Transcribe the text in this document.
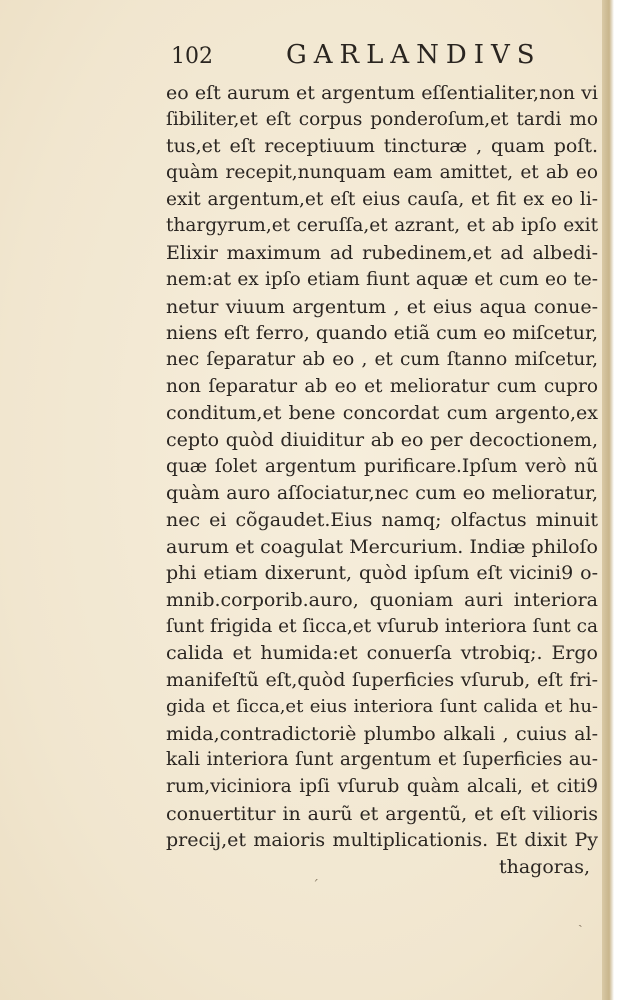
102	GARLANDIVS
eo eſt aurum et argentum eſſentialiter,non vi
ſibiliter,et eſt corpus ponderoſum,et tardi mo
tus,et eſt receptiuum tincturæ , quam poſt.
quàm recepit,nunquam eam amittet, et ab eo
exit argentum,et eſt eius cauſa, et fit ex eo li-
thargyrum,et ceruſſa,et azrant, et ab ipſo exit
Elixir maximum ad rubedinem,et ad albedi-
nem:at ex ipſo etiam fiunt aquæ et cum eo te-
netur viuum argentum , et eius aqua conue-
niens eſt ferro, quando etiã cum eo miſcetur,
nec ſeparatur ab eo , et cum ſtanno miſcetur,
non ſeparatur ab eo et melioratur cum cupro
conditum,et bene concordat cum argento,ex
cepto quòd diuiditur ab eo per decoctionem,
quæ ſolet argentum purificare.Ipſum verò nũ
quàm auro aſſociatur,nec cum eo melioratur,
nec ei cõgaudet.Eius namq; olfactus minuit
aurum et coagulat Mercurium. Indiæ philoſo
phi etiam dixerunt, quòd ipſum eſt vicini9 o-
mnib.corporib.auro, quoniam auri interiora
ſunt frigida et ſicca,et vſurub interiora ſunt ca
calida et humida:et conuerſa vtrobiq;. Ergo
manifeſtũ eſt,quòd ſuperficies vſurub, eſt fri-
gida et ſicca,et eius interiora ſunt calida et hu-
mida,contradictoriè plumbo alkali , cuius al-
kali interiora ſunt argentum et ſuperficies au-
rum,viciniora ipſi vſurub quàm alcali, et citi9
conuertitur in aurũ et argentũ, et eſt vilioris
precij,et maioris multiplicationis. Et dixit Py
thagoras,
ˊ
ˏ
